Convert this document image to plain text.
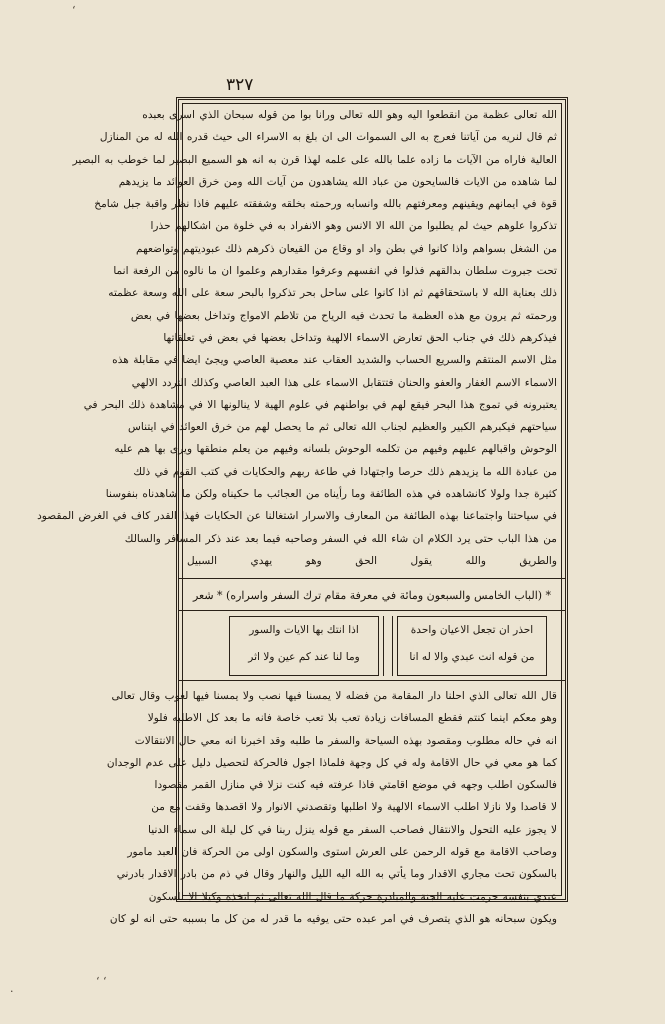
٣٢٧
الله تعالى عظمة من انقطعوا اليه وهو الله تعالى ورانا بوا من قوله سبحان الذي اسرى بعبده
ثم قال لنريه من آياتنا فعرج به الى السموات الى ان بلغ به الاسراء الى حيث قدره الله له من المنازل
العالية فاراه من الآيات ما زاده علما بالله على علمه لهذا قرن به انه هو السميع البصير لما خوطب به البصير
لما شاهده من الايات فالسايحون من عباد الله يشاهدون من آيات الله ومن خرق العوائد ما يزيدهم
قوة في ايمانهم ويقينهم ومعرفتهم بالله وانسابه ورحمته بخلقه وشفقته عليهم فاذا نظر واقبة جبل شامخ
تذكروا علوهم حيث لم يطلبوا من الله الا الانس وهو الانفراد به في خلوة من اشكالهم حذرا
من الشغل بسواهم واذا كانوا في بطن واد او وقاع من القيعان ذكرهم ذلك عبوديتهم وتواضعهم
تحت جبروت سلطان بدالقهم فذلوا في انفسهم وعرفوا مقدارهم وعلموا ان ما نالوه من الرفعة انما
ذلك بعناية الله لا باستحقاقهم ثم اذا كانوا على ساحل بحر تذكروا بالبحر سعة على الله وسعة عظمته
ورحمته ثم يرون مع هذه العظمة ما تحدث فيه الرياح من تلاطم الامواج وتداخل بعضها في بعض
فيذكرهم ذلك في جناب الحق تعارض الاسماء الالهية وتداخل بعضها في بعض في تعلقاتها
مثل الاسم المنتقم والسريع الحساب والشديد العقاب عند معصية العاصي ويجئ ايضا في مقابلة هذه
الاسماء الاسم الغفار والعفو والحنان فتتقابل الاسماء على هذا العبد العاصي وكذلك التردد الالهي
يعتبرونه في تموج هذا البحر فيقع لهم في بواطنهم في علوم الهية لا ينالونها الا في مشاهدة ذلك البحر في
سياحتهم فيكبرهم الكبير والعظيم لجناب الله تعالى ثم ما يحصل لهم من خرق العوائد في ايتناس
الوحوش واقبالهم عليهم وفيهم من تكلمه الوحوش بلسانه وفيهم من يعلم منطقها ويرى بها هم عليه
من عبادة الله ما يزيدهم ذلك حرصا واجتهادا في طاعة ربهم والحكايات في كتب القوم في ذلك
كثيرة جدا ولولا كانشاهده في هذه الطائفة وما رأيناه من العجائب ما حكيناه ولكن ما شاهدناه بنفوسنا
في سياحتنا واجتماعنا بهذه الطائفة من المعارف والاسرار اشتغالنا عن الحكايات فهذا القدر كاف في الغرض المقصود
من هذا الباب حتى يرد الكلام ان شاء الله في السفر وصاحبه فيما بعد عند ذكر المسافر والسالك
والطريق والله يقول الحق وهو يهدي السبيل
* (الباب الخامس والسبعون ومائة في معرفة مقام ترك السفر واسراره) * شعر
احذر ان تجعل الاعيان واحدة
من قوله انت عبدي والا له انا
اذا انتك بها الايات والسور
وما لنا عند كم عين ولا اثر
قال الله تعالى الذي احلنا دار المقامة من فضله لا يمسنا فيها نصب ولا يمسنا فيها لغوب وقال تعالى
وهو معكم اينما كنتم فقطع المسافات زيادة تعب بلا تعب خاصة فانه ما بعد كل الاطلبه فلولا
انه في حاله مطلوب ومقصود بهذه السياحة والسفر ما طلبه وقد اخبرنا انه معي حال الانتقالات
كما هو معي في حال الاقامة وله في كل وجهة فلماذا اجول فالحركة لتحصيل دليل على عدم الوجدان
فالسكون اطلب وجهه في موضع اقامتي فاذا عرفته فيه كنت نزلا في منازل القمر مقصودا
لا قاصدا ولا نازلا اطلب الاسماء الالهية ولا اطلبها وتقصدني الانوار ولا اقصدها وقفت مع من
لا يجوز عليه التحول والانتقال فصاحب السفر مع قوله ينزل ربنا في كل ليلة الى سماء الدنيا
وصاحب الاقامة مع قوله الرحمن على العرش استوى والسكون اولى من الحركة فان العبد مامور
بالسكون تحت مجاري الاقدار وما يأتي به الله اليه الليل والنهار وقال في ذم من بادر الاقدار بادرني
عبدي بنفسه حرمت عليه الجنة والمبادرة حركة ما قال الله تعالى ثم اتخذه وكيلا الا للسكون
ويكون سبحانه هو الذي يتصرف في امر عبده حتى يوفيه ما قدر له من كل ما بسببه حتى انه لو كان
‘ ‘
·
‘
